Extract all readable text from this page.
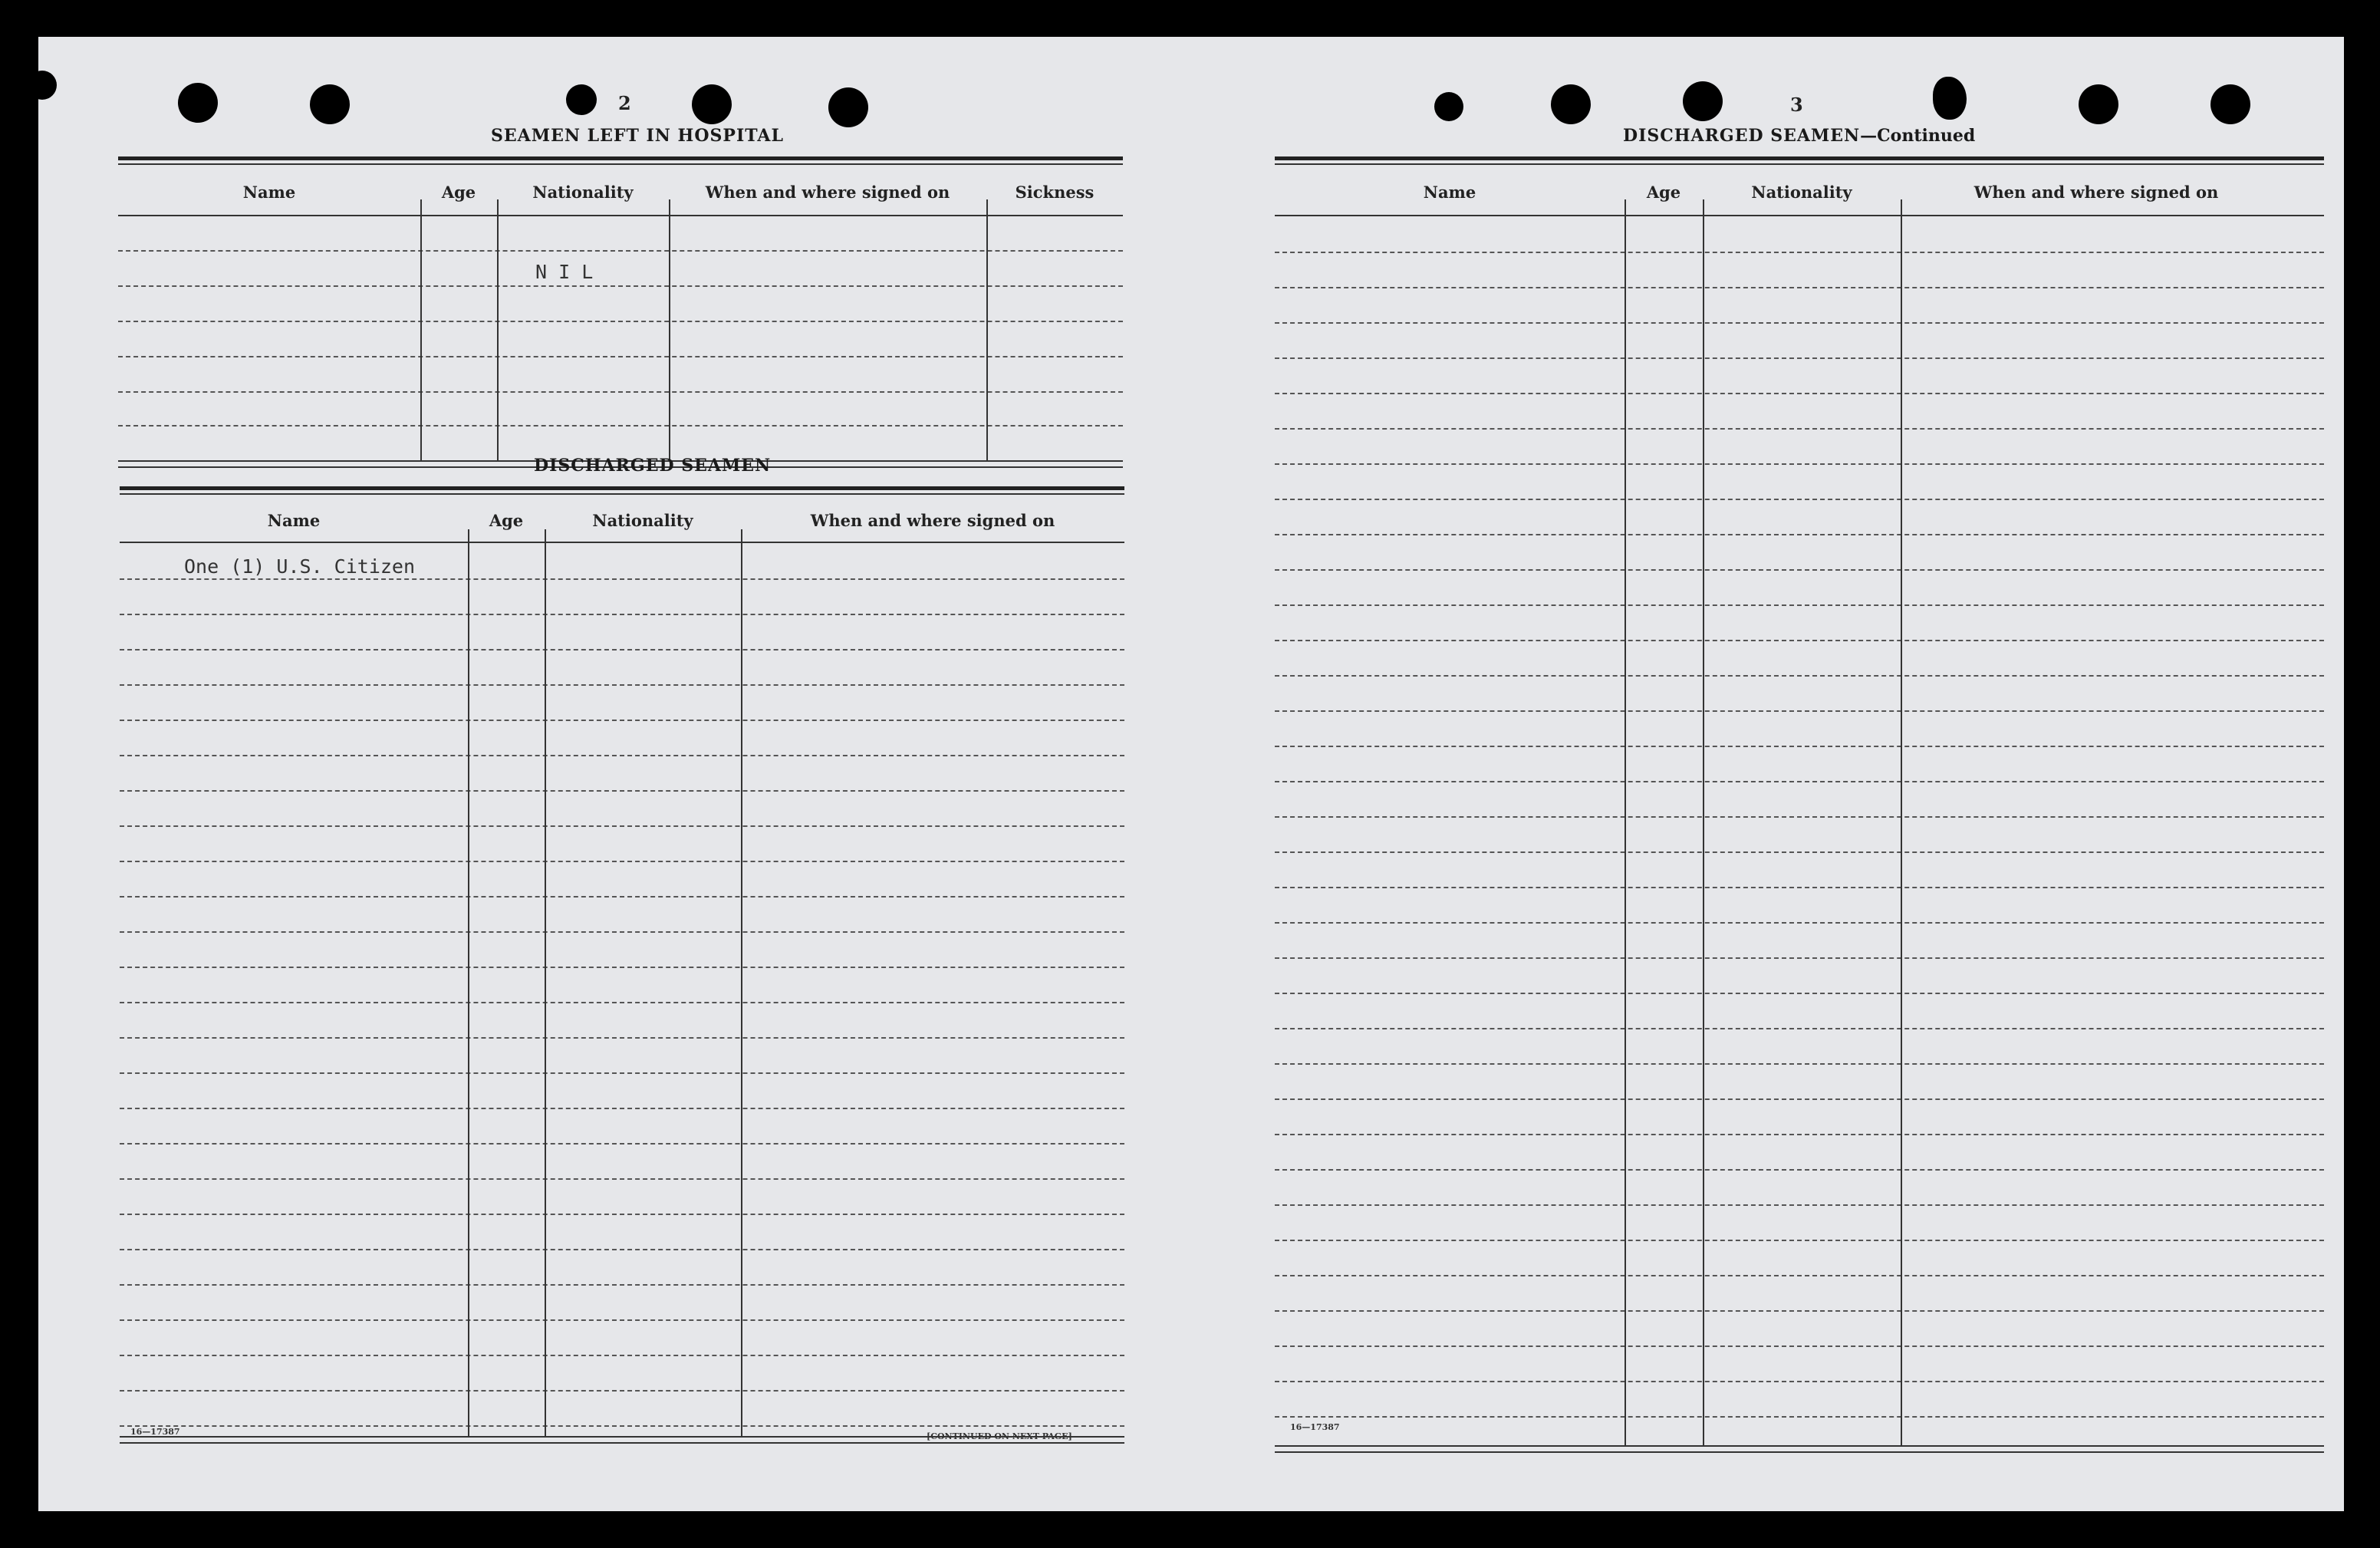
2
SEAMEN LEFT IN HOSPITAL
Name	Age	Nationality	When and where signed on	Sickness
N I L
DISCHARGED SEAMEN
Name	Age	Nationality	When and where signed on
One (1) U.S. Citizen
16—17387	[CONTINUED ON NEXT PAGE]
3
DISCHARGED SEAMEN—Continued
Name	Age	Nationality	When and where signed on
16—17387
